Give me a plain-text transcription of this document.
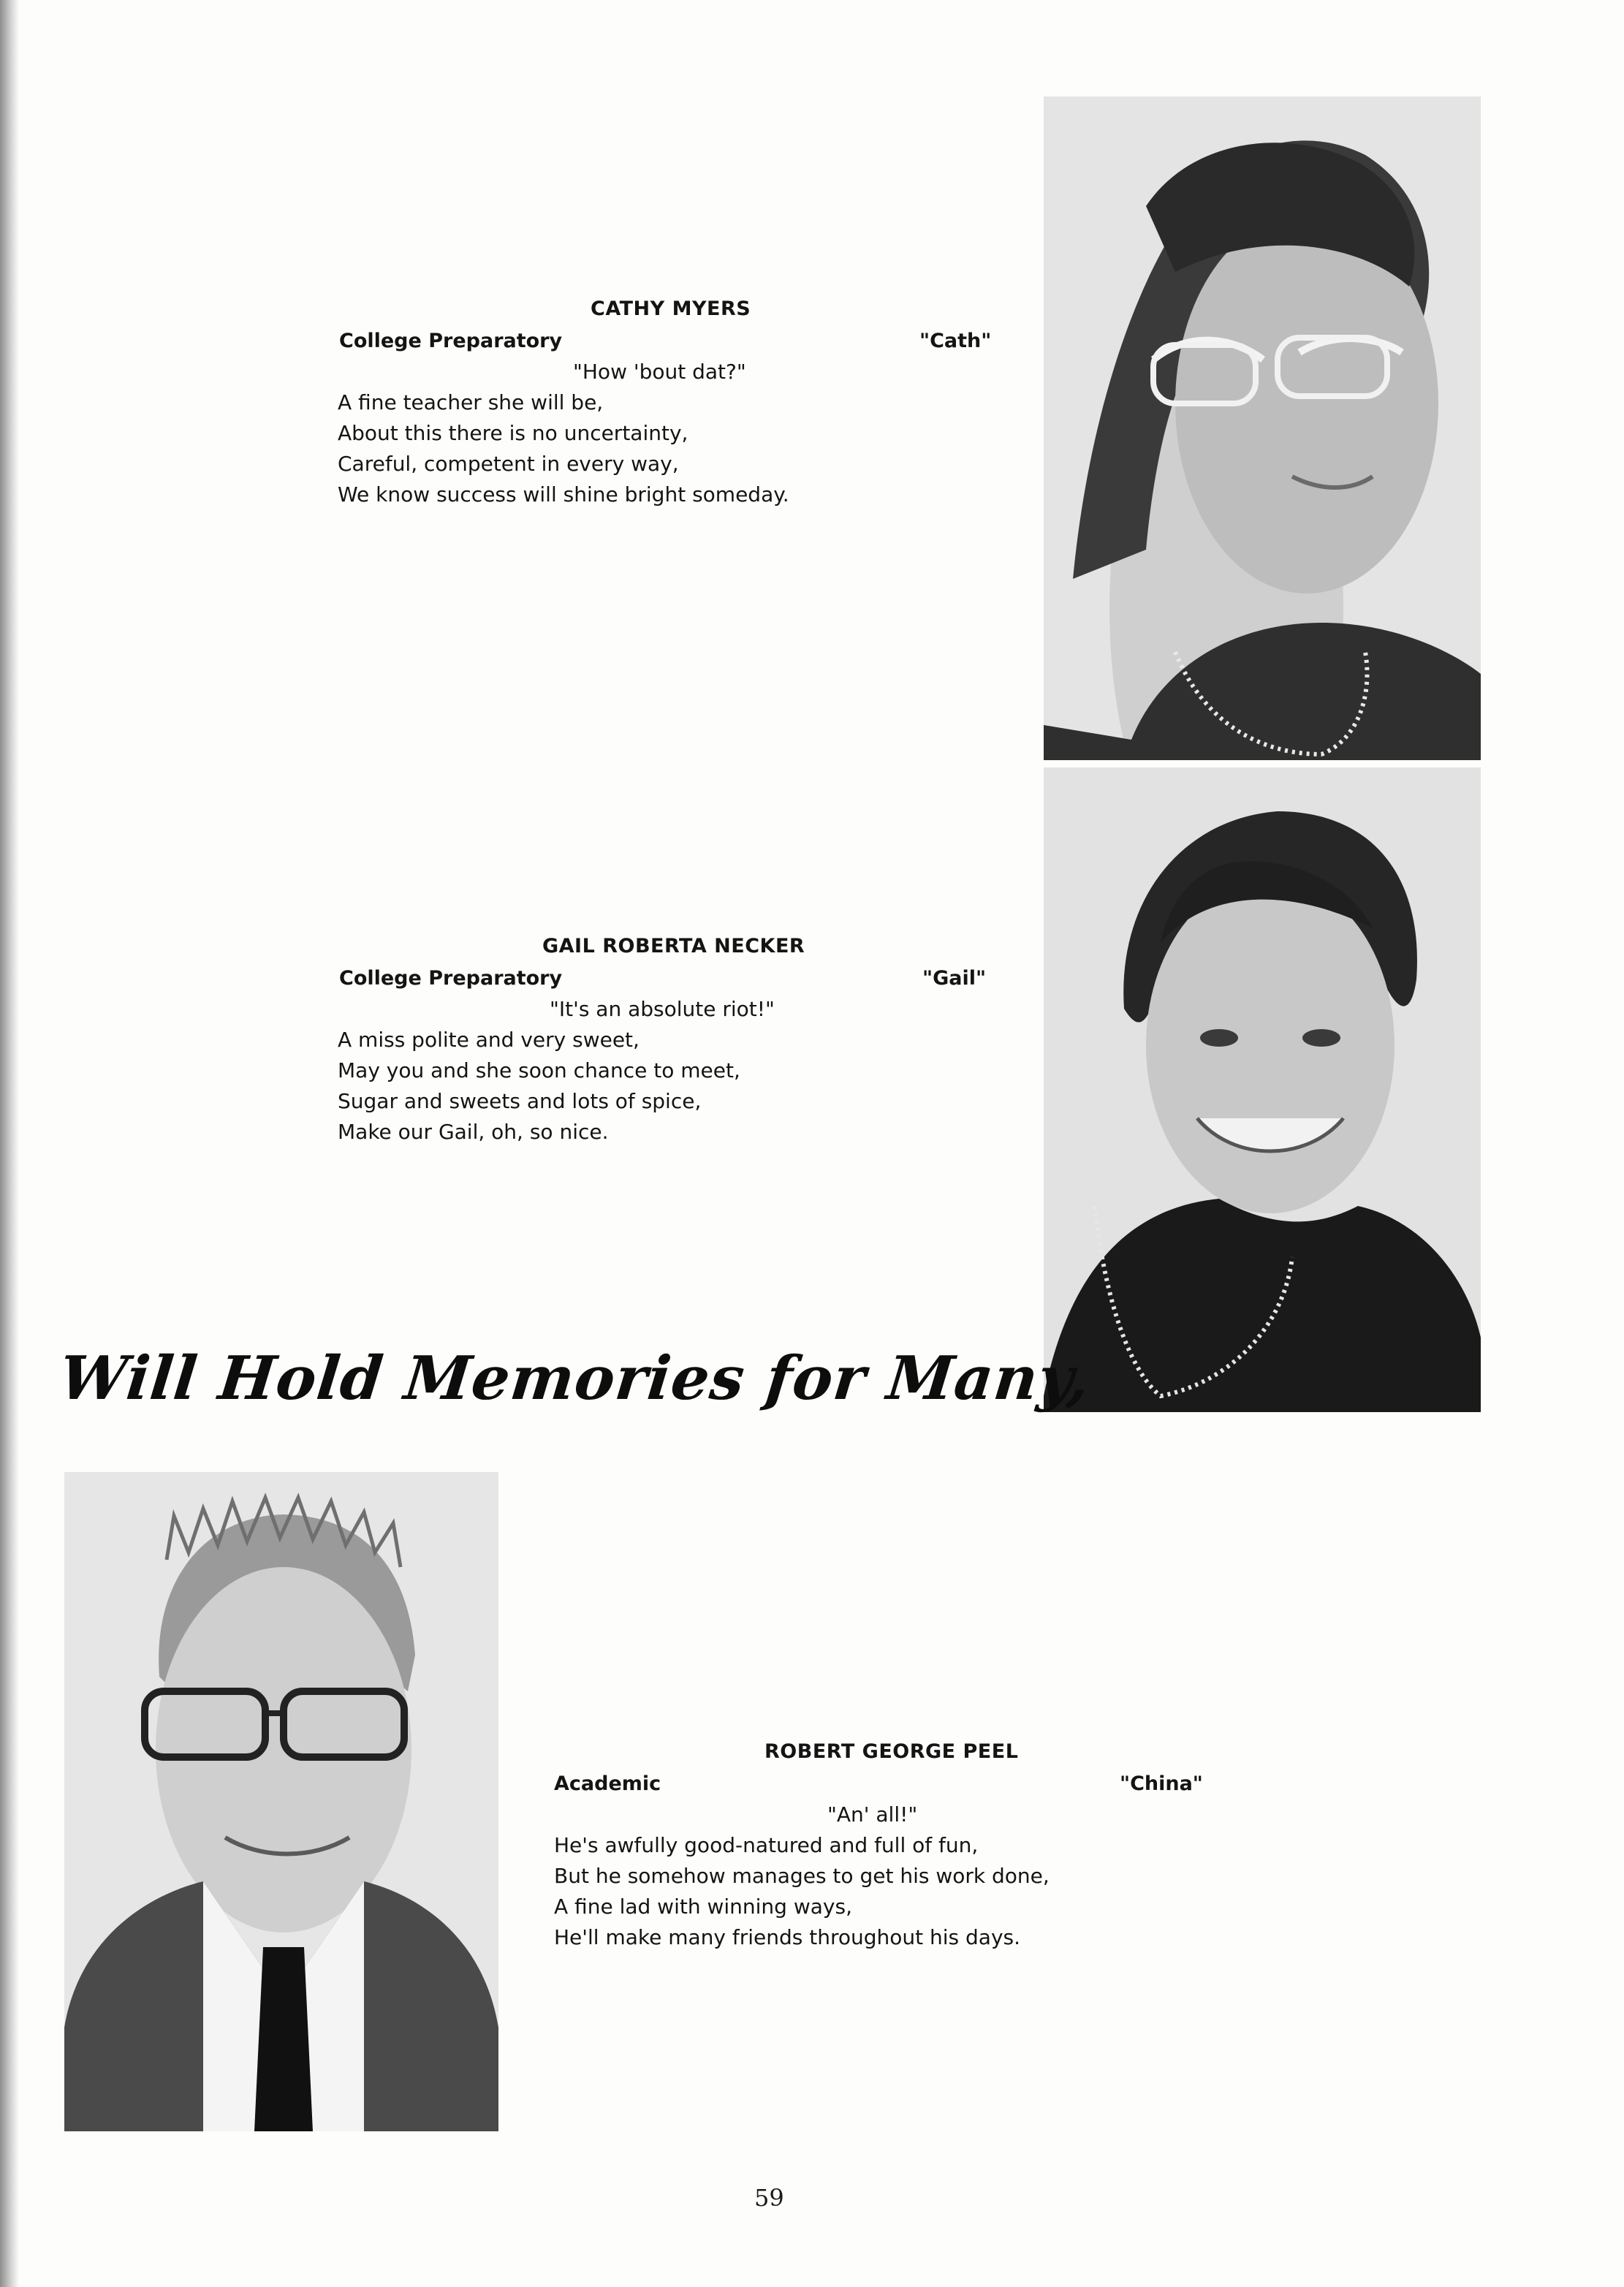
CATHY MYERS
College Preparatory	"Cath"
"How 'bout dat?"
A fine teacher she will be,
About this there is no uncertainty,
Careful, competent in every way,
We know success will shine bright someday.
GAIL ROBERTA NECKER
College Preparatory	"Gail"
"It's an absolute riot!"
A miss polite and very sweet,
May you and she soon chance to meet,
Sugar and sweets and lots of spice,
Make our Gail, oh, so nice.
Will Hold Memories for Many,
ROBERT GEORGE PEEL
Academic	"China"
"An' all!"
He's awfully good-natured and full of fun,
But he somehow manages to get his work done,
A fine lad with winning ways,
He'll make many friends throughout his days.
59
